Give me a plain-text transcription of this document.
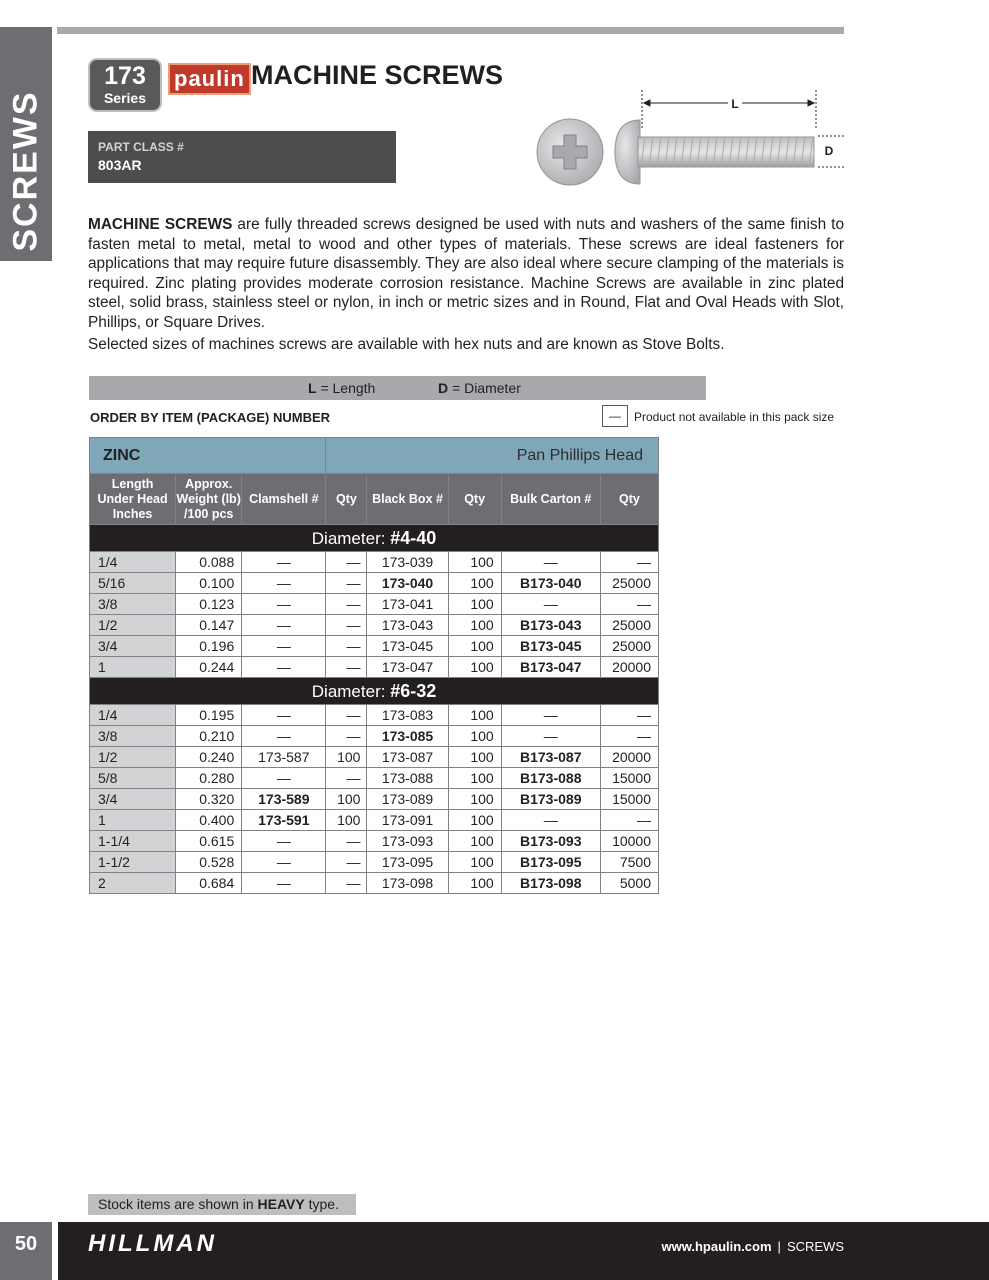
SCREWS
173
Series
paulin MACHINE SCREWS
PART CLASS #
803AR
L
D

MACHINE SCREWS are fully threaded screws designed be used with nuts and washers of the same finish to fasten metal to metal, metal to wood and other types of materials. These screws are ideal fasteners for applications that may require future disassembly. They are also ideal where secure clamping of the materials is required. Zinc plating provides moderate corrosion resistance. Machine Screws are available in zinc plated steel, solid brass, stainless steel or nylon, in inch or metric sizes and in Round, Flat and Oval Heads with Slot, Phillips, or Square Drives.

Selected sizes of machines screws are available with hex nuts and are known as Stove Bolts.

L = Length	D = Diameter
ORDER BY ITEM (PACKAGE) NUMBER	—	Product not available in this pack size
ZINC			Pan Phillips Head				
Length
Under Head
Inches	Approx.
Weight (lb)
/100 pcs	Clamshell #	Qty	Black Box #	Qty	Bulk Carton #	Qty
Diameter: #4-40							
1/4	0.088	—	—	173-039	100	—	—
5/16	0.100	—	—	173-040	100	B173-040	25000
3/8	0.123	—	—	173-041	100	—	—
1/2	0.147	—	—	173-043	100	B173-043	25000
3/4	0.196	—	—	173-045	100	B173-045	25000
1	0.244	—	—	173-047	100	B173-047	20000
Diameter: #6-32							
1/4	0.195	—	—	173-083	100	—	—
3/8	0.210	—	—	173-085	100	—	—
1/2	0.240	173-587	100	173-087	100	B173-087	20000
5/8	0.280	—	—	173-088	100	B173-088	15000
3/4	0.320	173-589	100	173-089	100	B173-089	15000
1	0.400	173-591	100	173-091	100	—	—
1-1/4	0.615	—	—	173-093	100	B173-093	10000
1-1/2	0.528	—	—	173-095	100	B173-095	7500
2	0.684	—	—	173-098	100	B173-098	5000
Stock items are shown in HEAVY type.
50	HILLMAN	www.hpaulin.com | SCREWS
